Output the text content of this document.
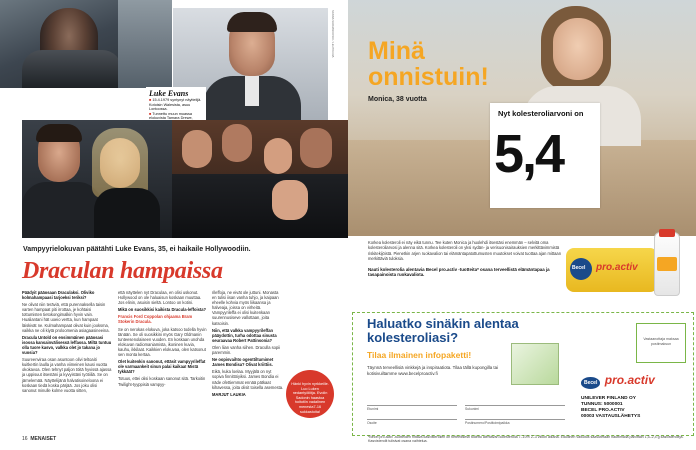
SANNA SARJANKOSKI / LEHTIKUVA
Luke Evans
■ 15.4.1979 syntynyt näyttelijä. Kotoisin Walesista, asuu Lontoossa.
■ Tunnettu muun muassa elokuvista Tamara Drewe,
Vampyyrielokuvan päätähti Luke Evans, 35, ei haikaile Hollywoodiin.
Draculan hampaissa

Päädyit pääosaan Draculaksi. Oliviko kolmahampaasi tarjoeksi teriksi?

Ne olivat niin teräviä, että purennaksella taisin varten hampaat piti irrottaa, je kohtaisi tottumisten tietokongimalkin hyvin vain. Hualiantani hät uoeio vertta, kun hampaat läiskivät ne. Kulmahampaat olivat kuin jooksma, vaikka ne oli kiytä proloomenia asiagaasineeina.

Dracula Untold on ensimmäinen pääosasi isossa kansainvälisessä leffassa. Miltä tuntuu olla tuore kasvo, valkka olet jo takana jo vuosia?

Suureenviraa osan asuntoon olivi teltoaiti kuitkertin laulla ja vanha viimeinen kausi vuotta okokavoa. Olen tehnyt paljon töitä hyvissä ajassa ja uppisuut itsestäni ja kyvyistäni työtiiliä. Se on järnelemää. Näyttelijänä halvatisoineloona ei koskaan tiedä koska pärjää. Jos joku olisi sanonut minulle kolme vuotta sitten,

että näyttelen nyt Draculaa, en olisi uskonut. Hollywood on ole haluaisun koskaan muuttaa. Jos elinin, asuisin sieltä. Lontoo on kotini.

Mikä on suosikkisi kaikista Dracula-leffoista?

Francis Ford Coppolan ohjaama Bram Stokerin Dracula.

Se on nerokas elokuva, joka katsoo todella hyvin tänään. Se oli suosikkini myös Gary Oldmanin tunteesenolaiseen vuoden. En koskaan unohda elokuvan radiomaniamista, ikoninen kuvia, kauhu, ikkilaat. Kaikkien elokuvaa, olen katsonut sen monta kertaa.

Olet kuitenkin sanonut, ettäsit vampyyrileffat ole varmaankeit sinun palai kaikaa! Mistä tykkäät?

Totuus, ettei olisi koskaan sanonut sitä. Tarkoitin Twilight-tyyppisiä vampyy-

rileffoja, ne eivät ole juttuni. Monasta en tulisi iisan vanha tuhjo, ja kaipaan eheelle kohvia myös liikaansa ja halveaja, joissa on virheitä. Vampyyrileffa ei olisi kuitenkaan suurennusiseve vallottaan, joita katsoisin.

Niin, että valkka vampyyrileffan pääydottin, turha odottaa sinusta seuraavaa Robert Pattinsonia?

Olen liian vanha siihen. Draculla sopii paremmin.

Ne oopisvaihto ogenttiltumimet James Bondisa? Olivat kriittiis.

Eikä, kuka loelaa. Myyjälä on nyt sopiva finnittöiyiksi. James Bondia ei näde ofettiemmat ennää pätkaat kihavessa, joita olisit toisella asemesta.

MARJUT LAUKIA

Hänki hyvin nyrkkeille. Luo Luken nedantyöliitja. Evolin Sadonin haastoa hoitotiin vadalinen menesta7-16 sukkastoita!
16 MENAISET
Minä
onnistuin!
Monica, 38 vuotta
Nyt kolesteroliarvoni on
5,4
Korkea kolesteroli ei näy eikä tunnu. Tee kuten Monica ja huolehdi itsestäsi enemmän – selvitä oma kolesteroliarvosi ja alenna sitä. Korkea kolesteroli on yksi sydän- ja verisuonisairauksien merkittävimmistä riskitekijöistä. Pienetkin arjen ruokavalion tai elämäntapatottumusten muutokset voivat tuottaa ajan mittaan merkittäviä tuloksia.
Nauti kolesterolia alentavia Becel pro.activ -tuotteita* osana terveellistä elämäntapaa ja tasapainoista ruokavaliota.
Becel pro.activ
Haluatko sinäkin alentaa kolesteroliasi?
Tilaa ilmainen infopaketti!
Täynnä terveellisiä vinkkejä ja inspiraatiota. Tilaa tällä kupongilla tai kotisivuiltamme www.becelproactiv.fi
Vastaanottaja maksaa postimaksun
Becel pro.activ
UNILEVER FINLAND OY
TUNNUS: 5000001
BECEL PRO.ACTIV
00003 VASTAUSLÄHETYS
Etunimi	Sukunimi
Osoite	Postinumero/Postitoimipaikka
*Becel pro.activ -tuotteiden riittävä kasvisterolien on tieteellisesti todettu alentavan kolesterolia 7–10% 2–3 viikon aikana. Edullinen vaikutus saavutetaan nauttimalla päivittäin 1,5–2,4 g kasvisteroleja. Kasvisterolit tulisivat osana vaihtelua.
